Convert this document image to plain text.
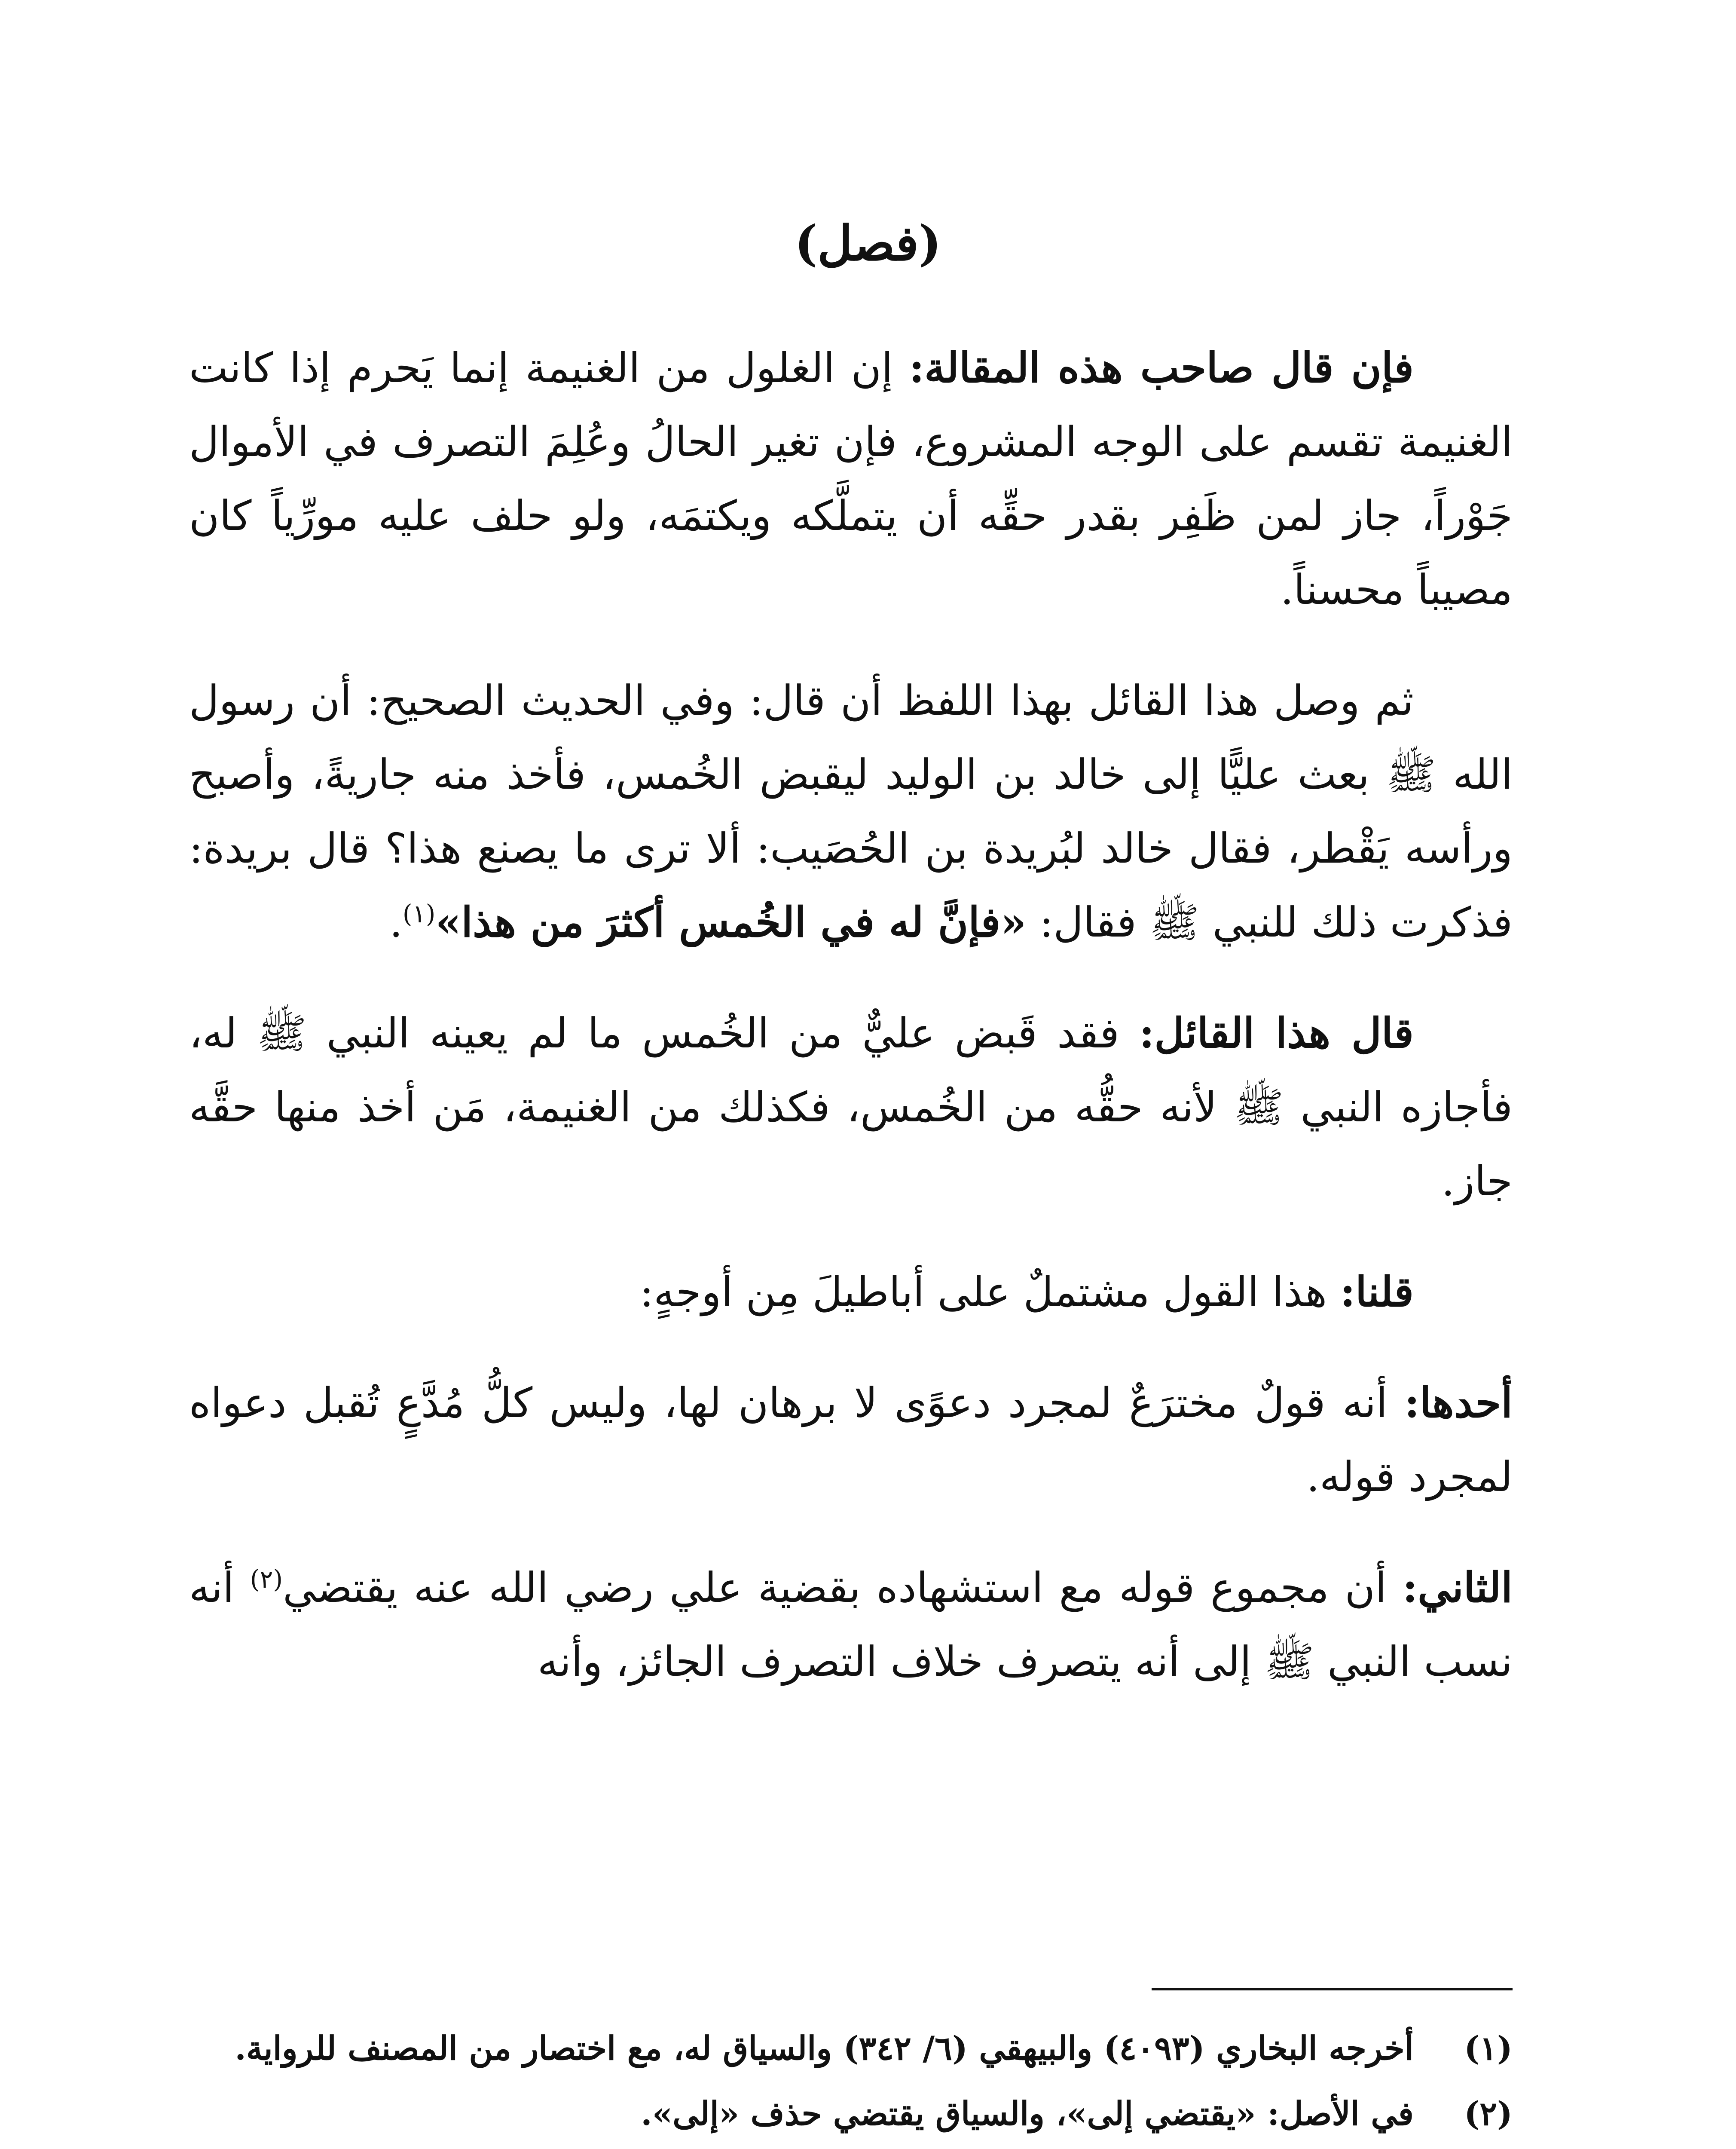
(فصل)

فإن قال صاحب هذه المقالة: إن الغلول من الغنيمة إنما يَحرم إذا كانت الغنيمة تقسم على الوجه المشروع، فإن تغير الحالُ وعُلِمَ التصرف في الأموال جَوْراً، جاز لمن ظَفِر بقدر حقِّه أن يتملَّكه ويكتمَه، ولو حلف عليه مورِّياً كان مصيباً محسناً.

ثم وصل هذا القائل بهذا اللفظ أن قال: وفي الحديث الصحيح: أن رسول الله ﷺ بعث عليًّا إلى خالد بن الوليد ليقبض الخُمس، فأخذ منه جاريةً، وأصبح ورأسه يَقْطر، فقال خالد لبُريدة بن الحُصَيب: ألا ترى ما يصنع هذا؟ قال بريدة: فذكرت ذلك للنبي ﷺ فقال: «فإنَّ له في الخُمس أكثرَ من هذا»$^{(١)}$.

قال هذا القائل: فقد قَبض عليٌّ من الخُمس ما لم يعينه النبي ﷺ له، فأجازه النبي ﷺ لأنه حقُّه من الخُمس، فكذلك من الغنيمة، مَن أخذ منها حقَّه جاز.

قلنا: هذا القول مشتملٌ على أباطيلَ مِن أوجهٍ:

أحدها: أنه قولٌ مخترَعٌ لمجرد دعوًى لا برهان لها، وليس كلُّ مُدَّعٍ تُقبل دعواه لمجرد قوله.

الثاني: أن مجموع قوله مع استشهاده بقضية علي رضي الله عنه يقتضي$^{(٢)}$ أنه نسب النبي ﷺ إلى أنه يتصرف خلاف التصرف الجائز، وأنه

(١)
أخرجه البخاري (٤٠٩٣) والبيهقي (٦/ ٣٤٢) والسياق له، مع اختصار من المصنف للرواية.

(٢)
في الأصل: «يقتضي إلى»، والسياق يقتضي حذف «إلى».
